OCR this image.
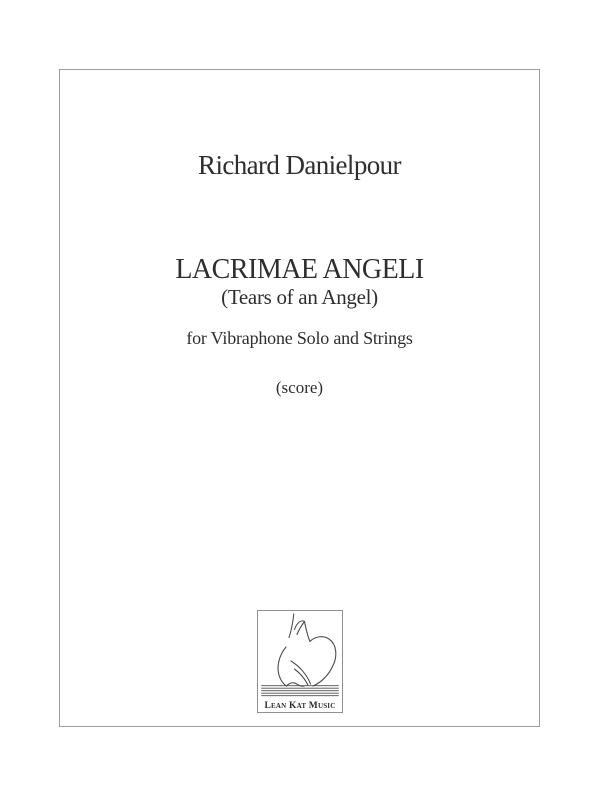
Richard Danielpour
LACRIMAE ANGELI
(Tears of an Angel)
for Vibraphone Solo and Strings
(score)
Lean Kat Music
